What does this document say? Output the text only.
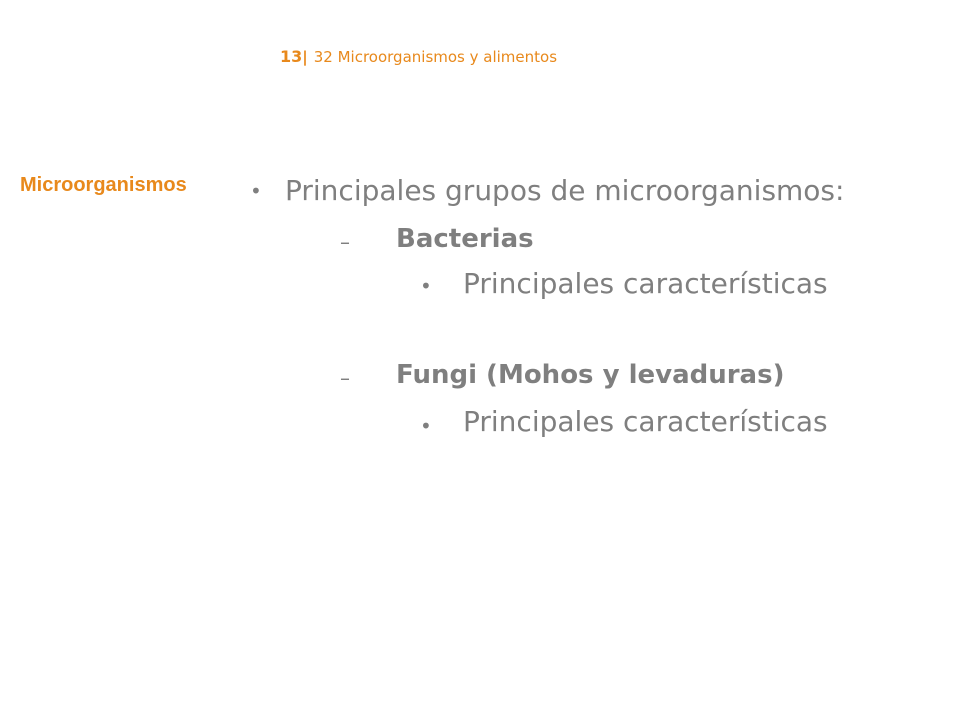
13| 32 Microorganismos y alimentos
Microorganismos	• Principales grupos de microorganismos:
– Bacterias
• Principales características
– Fungi (Mohos y levaduras)
• Principales características
